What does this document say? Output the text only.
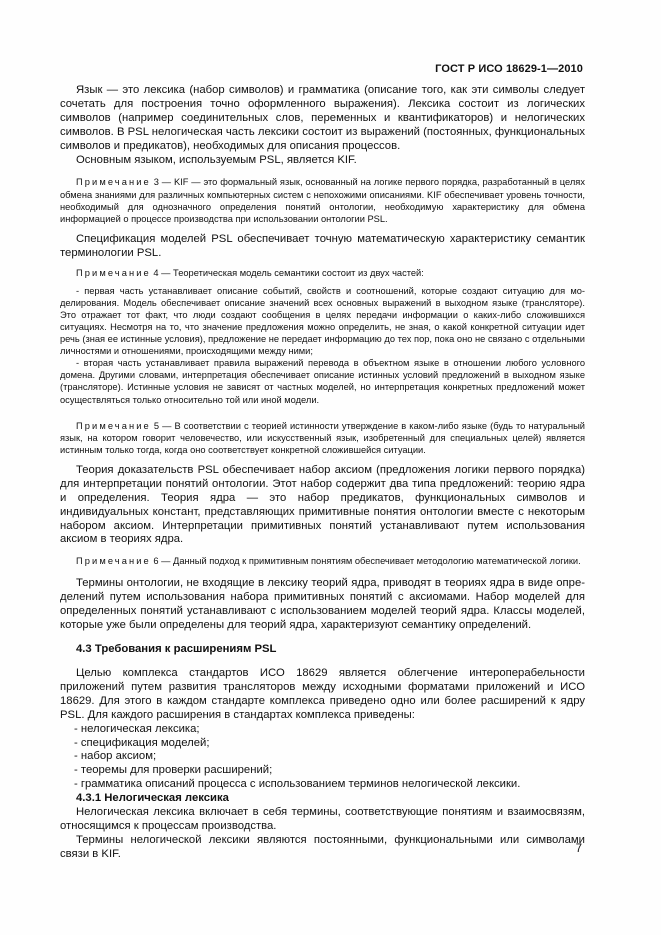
ГОСТ Р ИСО 18629-1—2010

Язык — это лексика (набор символов) и грамматика (описание того, как эти символы следует сочетать для построения точно оформленного выражения). Лексика состоит из логических символов (например соединительных слов, переменных и квантификаторов) и нелогических символов. В PSL нелогическая часть лексики состоит из выражений (постоянных, функциональных символов и предикатов), необходимых для описания процессов.

Основным языком, используемым PSL, является KIF.

Примечание 3 — KIF — это формальный язык, основанный на логике первого порядка, разработанный в целях обмена знаниями для различных компьютерных систем с непохожими описаниями. KIF обеспечивает уровень точности, необходимый для однозначного определения понятий онтологии, необходимую характеристику для обмена информацией о процессе производства при использовании онтологии PSL.

Спецификация моделей PSL обеспечивает точную математическую характеристику семантик терминологии PSL.

Примечание 4 — Теоретическая модель семантики состоит из двух частей:

- первая часть устанавливает описание событий, свойств и соотношений, которые создают ситуацию для моделирования. Модель обеспечивает описание значений всех основных выражений в выходном языке (трансляторе). Это отражает тот факт, что люди создают сообщения в целях передачи информации о каких-либо сложившихся ситуациях. Несмотря на то, что значение предложения можно определить, не зная, о какой конкретной ситуации идет речь (зная ее истинные условия), предложение не передает информацию до тех пор, пока оно не связано с отдельными личностями и отношениями, происходящими между ними;

- вторая часть устанавливает правила выражений перевода в объектном языке в отношении любого условного домена. Другими словами, интерпретация обеспечивает описание истинных условий предложений в выходном языке (трансляторе). Истинные условия не зависят от частных моделей, но интерпретация конкретных предложений может осуществляться только относительно той или иной модели.

Примечание 5 — В соответствии с теорией истинности утверждение в каком-либо языке (будь то натуральный язык, на котором говорит человечество, или искусственный язык, изобретенный для специальных целей) является истинным только тогда, когда оно соответствует конкретной сложившейся ситуации.

Теория доказательств PSL обеспечивает набор аксиом (предложения логики первого порядка) для интерпретации понятий онтологии. Этот набор содержит два типа предложений: теорию ядра и определения. Теория ядра — это набор предикатов, функциональных символов и индивидуальных констант, представляющих примитивные понятия онтологии вместе с некоторым набором аксиом. Интерпретации примитивных понятий устанавливают путем использования аксиом в теориях ядра.

Примечание 6 — Данный подход к примитивным понятиям обеспечивает методологию математической логики.

Термины онтологии, не входящие в лексику теорий ядра, приводят в теориях ядра в виде определений путем использования набора примитивных понятий с аксиомами. Набор моделей для определенных понятий устанавливают с использованием моделей теорий ядра. Классы моделей, которые уже были определены для теорий ядра, характеризуют семантику определений.

4.3 Требования к расширениям PSL

Целью комплекса стандартов ИСО 18629 является облегчение интероперабельности приложений путем развития трансляторов между исходными форматами приложений и ИСО 18629. Для этого в каждом стандарте комплекса приведено одно или более расширений к ядру PSL. Для каждого расширения в стандартах комплекса приведены:

- нелогическая лексика;
- спецификация моделей;
- набор аксиом;
- теоремы для проверки расширений;
- грамматика описаний процесса с использованием терминов нелогической лексики.

4.3.1 Нелогическая лексика

Нелогическая лексика включает в себя термины, соответствующие понятиям и взаимосвязям, относящимся к процессам производства.

Термины нелогической лексики являются постоянными, функциональными или символами связи в KIF.	7
